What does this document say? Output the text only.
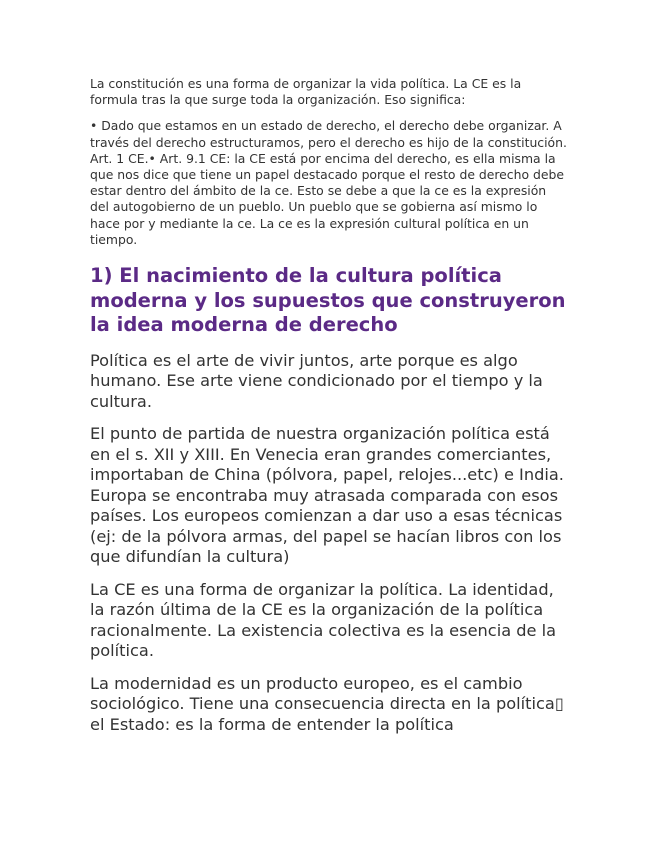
La constitución es una forma de organizar la vida política. La CE es la formula tras la que surge toda la organización. Eso significa:

• Dado que estamos en un estado de derecho, el derecho debe organizar. A través del derecho estructuramos, pero el derecho es hijo de la constitución. Art. 1 CE.• Art. 9.1 CE: la CE está por encima del derecho, es ella misma la que nos dice que tiene un papel destacado porque el resto de derecho debe estar dentro del ámbito de la ce. Esto se debe a que la ce es la expresión del autogobierno de un pueblo. Un pueblo que se gobierna así mismo lo hace por y mediante la ce. La ce es la expresión cultural política en un tiempo.

1) El nacimiento de la cultura política moderna y los supuestos que construyeron la idea moderna de derecho

Política es el arte de vivir juntos, arte porque es algo humano. Ese arte viene condicionado por el tiempo y la cultura.

El punto de partida de nuestra organización política está en el s. XII y XIII. En Venecia eran grandes comerciantes, importaban de China (pólvora, papel, relojes...etc) e India. Europa se encontraba muy atrasada comparada con esos países. Los europeos comienzan a dar uso a esas técnicas (ej: de la pólvora armas, del papel se hacían libros con los que difundían la cultura)

La CE es una forma de organizar la política. La identidad, la razón última de la CE es la organización de la política racionalmente. La existencia colectiva es la esencia de la política.

La modernidad es un producto europeo, es el cambio sociológico. Tiene una consecuencia directa en la política▯ el Estado: es la forma de entender la política
